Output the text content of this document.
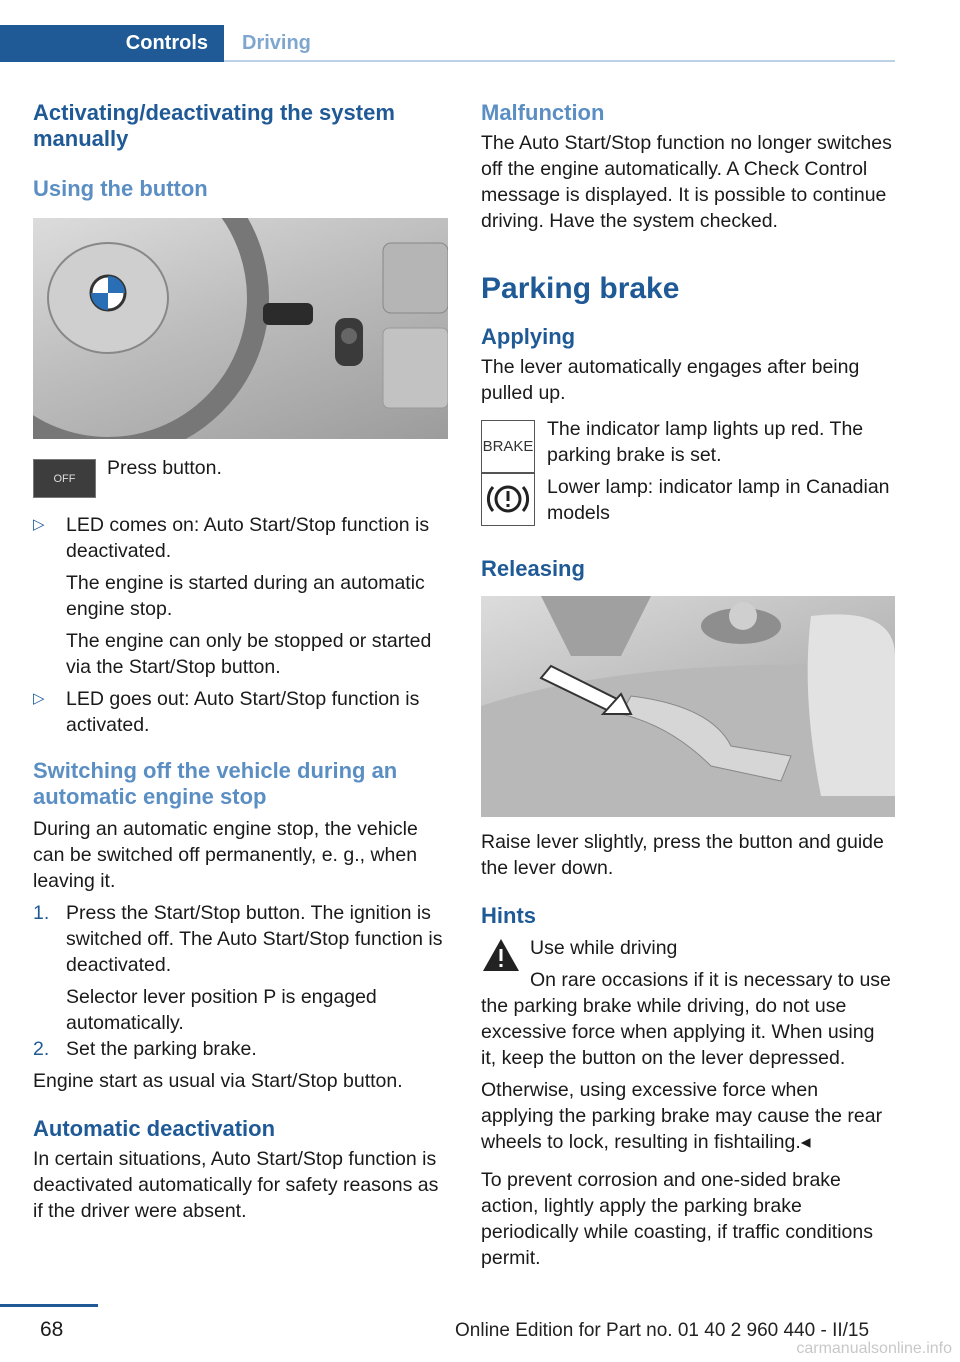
Controls	Driving
Activating/deactivating the system manually
Using the button
OFF Press button.

▷	LED comes on: Auto Start/Stop function is deactivated.

The engine is started during an automatic engine stop.

The engine can only be stopped or started via the Start/Stop button.

▷	LED goes out: Auto Start/Stop function is activated.

Switching off the vehicle during an automatic engine stop

During an automatic engine stop, the vehicle can be switched off permanently, e. g., when leaving it.

1. Press the Start/Stop button. The ignition is switched off. The Auto Start/Stop function is deactivated.

Selector lever position P is engaged automatically.

2. Set the parking brake.

Engine start as usual via Start/Stop button.

Automatic deactivation

In certain situations, Auto Start/Stop function is deactivated automatically for safety reasons as if the driver were absent.

Malfunction

The Auto Start/Stop function no longer switches off the engine automatically. A Check Control message is displayed. It is possible to continue driving. Have the system checked.

Parking brake
Applying

The lever automatically engages after being pulled up.

BRAKE

The indicator lamp lights up red. The parking brake is set.

Lower lamp: indicator lamp in Canadian models

Releasing

Raise lever slightly, press the button and guide the lever down.

Hints

Use while driving

On rare occasions if it is necessary to use the parking brake while driving, do not use excessive force when applying it. When using it, keep the button on the lever depressed.

Otherwise, using excessive force when applying the parking brake may cause the rear wheels to lock, resulting in fishtailing.◂

To prevent corrosion and one-sided brake action, lightly apply the parking brake periodically while coasting, if traffic conditions permit.

68	Online Edition for Part no. 01 40 2 960 440 - II/15
carmanualsonline.info
